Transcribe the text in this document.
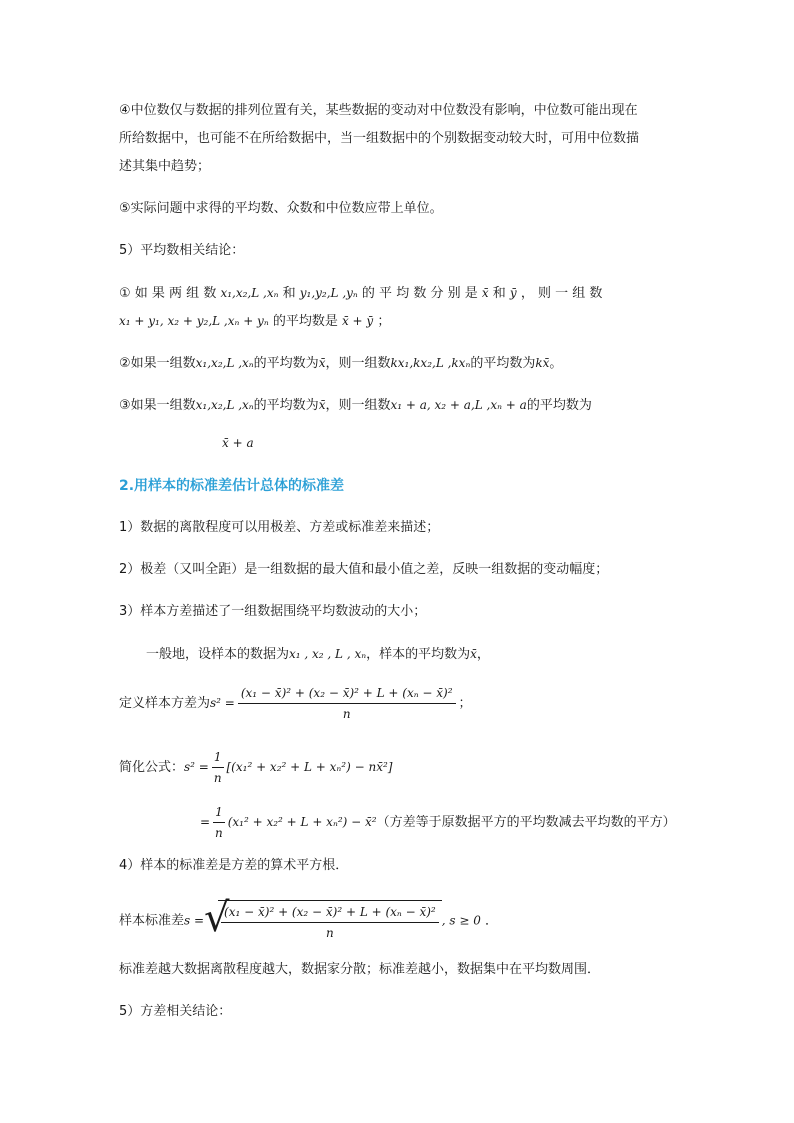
④中位数仅与数据的排列位置有关，某些数据的变动对中位数没有影响，中位数可能出现在
所给数据中，也可能不在所给数据中，当一组数据中的个别数据变动较大时，可用中位数描
述其集中趋势；
⑤实际问题中求得的平均数、众数和中位数应带上单位。
5）平均数相关结论：
① 如 果 两 组 数 x₁,x₂,L ,xₙ 和 y₁,y₂,L ,yₙ 的 平 均 数 分 别 是 x̄ 和 ȳ ， 则 一 组 数
x₁ + y₁, x₂ + y₂,L ,xₙ + yₙ 的平均数是 x̄ + ȳ ；
②如果一组数x₁,x₂,L ,xₙ的平均数为x̄，则一组数kx₁,kx₂,L ,kxₙ的平均数为kx̄。
③如果一组数x₁,x₂,L ,xₙ的平均数为x̄，则一组数x₁ + a, x₂ + a,L ,xₙ + a的平均数为
x̄ + a
2.用样本的标准差估计总体的标准差
1）数据的离散程度可以用极差、方差或标准差来描述；
2）极差（又叫全距）是一组数据的最大值和最小值之差，反映一组数据的变动幅度；
3）样本方差描述了一组数据围绕平均数波动的大小；
一般地，设样本的数据为x₁ , x₂ , L , xₙ，样本的平均数为x̄，
定义样本方差为$s^2 = \frac{\text{(x₁ − x̄)² + (x₂ − x̄)² + L + (xₙ − x̄)²}}{n}$ ；
简化公式：$s^2 = \frac{1}{n} [(x_1^2 + x_2^2 + L + x_n^2)$ − nx̄²]
= $\frac{1}{n} (x_1^2 + x_2^2 + L + x_n^2)$ − x̄²（方差等于原数据平方的平均数减去平均数的平方）
4）样本的标准差是方差的算术平方根．
样本标准差s = √
$\frac{\text{(x₁ − x̄)² + (x₂ − x̄)² + L + (xₙ − x̄)²}}{n}$ , s ≥ 0 ．
标准差越大数据离散程度越大，数据家分散；标准差越小，数据集中在平均数周围．
5）方差相关结论：
